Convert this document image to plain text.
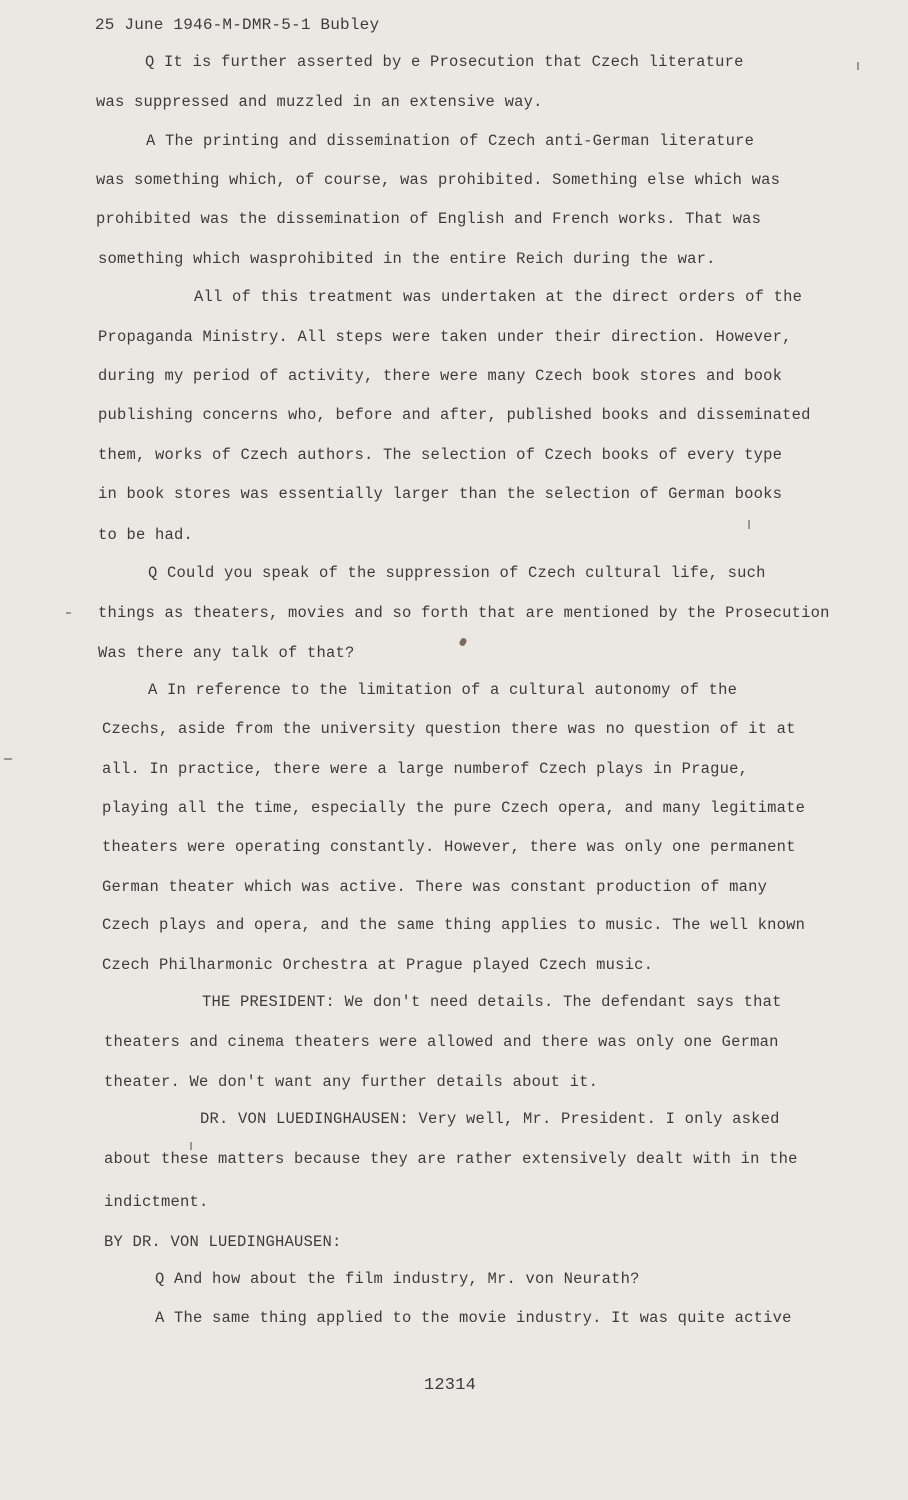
25 June 1946-M-DMR-5-1 Bubley
Q It is further asserted by e Prosecution that Czech literature
was suppressed and muzzled in an extensive way.
A The printing and dissemination of Czech anti-German literature
was something which, of course, was prohibited. Something else which was
prohibited was the dissemination of English and French works. That was
something which wasprohibited in the entire Reich during the war.
All of this treatment was undertaken at the direct orders of the
Propaganda Ministry. All steps were taken under their direction. However,
during my period of activity, there were many Czech book stores and book
publishing concerns who, before and after, published books and disseminated
them, works of Czech authors. The selection of Czech books of every type
in book stores was essentially larger than the selection of German books
to be had.
Q Could you speak of the suppression of Czech cultural life, such
things as theaters, movies and so forth that are mentioned by the Prosecution
Was there any talk of that?
A In reference to the limitation of a cultural autonomy of the
Czechs, aside from the university question there was no question of it at
all. In practice, there were a large numberof Czech plays in Prague,
playing all the time, especially the pure Czech opera, and many legitimate
theaters were operating constantly. However, there was only one permanent
German theater which was active. There was constant production of many
Czech plays and opera, and the same thing applies to music. The well known
Czech Philharmonic Orchestra at Prague played Czech music.
THE PRESIDENT: We don't need details. The defendant says that
theaters and cinema theaters were allowed and there was only one German
theater. We don't want any further details about it.
DR. VON LUEDINGHAUSEN: Very well, Mr. President. I only asked
about these matters because they are rather extensively dealt with in the
indictment.
BY DR. VON LUEDINGHAUSEN:
Q And how about the film industry, Mr. von Neurath?
A The same thing applied to the movie industry. It was quite active
12314
